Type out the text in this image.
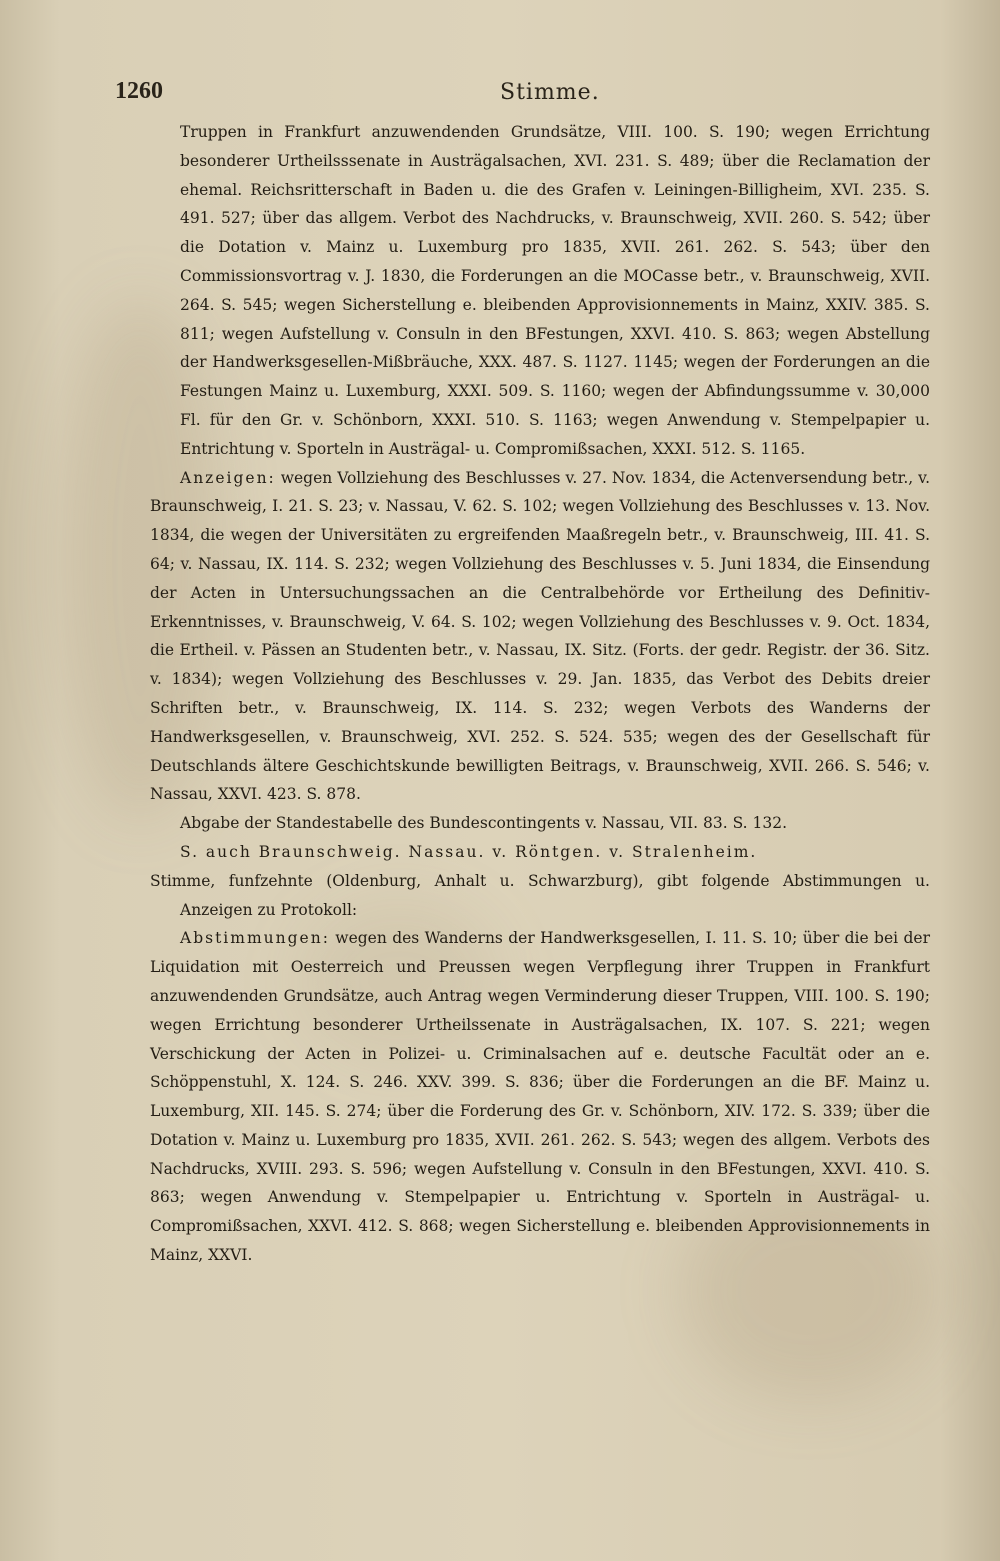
1260	Stimme.

Truppen in Frankfurt anzuwendenden Grundsätze, VIII. 100. S. 190; wegen Errichtung besonderer Urtheilsssenate in Austrägalsachen, XVI. 231. S. 489; über die Reclamation der ehemal. Reichsritterschaft in Baden u. die des Grafen v. Leiningen-Billigheim, XVI. 235. S. 491. 527; über das allgem. Verbot des Nachdrucks, v. Braunschweig, XVII. 260. S. 542; über die Dotation v. Mainz u. Luxemburg pro 1835, XVII. 261. 262. S. 543; über den Commissionsvortrag v. J. 1830, die Forderungen an die MOCasse betr., v. Braunschweig, XVII. 264. S. 545; wegen Sicherstellung e. bleibenden Approvisionnements in Mainz, XXIV. 385. S. 811; wegen Aufstellung v. Consuln in den BFestungen, XXVI. 410. S. 863; wegen Abstellung der Handwerksgesellen-Mißbräuche, XXX. 487. S. 1127. 1145; wegen der Forderungen an die Festungen Mainz u. Luxemburg, XXXI. 509. S. 1160; wegen der Abfindungssumme v. 30,000 Fl. für den Gr. v. Schönborn, XXXI. 510. S. 1163; wegen Anwendung v. Stempelpapier u. Entrichtung v. Sporteln in Austrägal- u. Compromißsachen, XXXI. 512. S. 1165.

Anzeigen: wegen Vollziehung des Beschlusses v. 27. Nov. 1834, die Actenversendung betr., v. Braunschweig, I. 21. S. 23; v. Nassau, V. 62. S. 102; wegen Vollziehung des Beschlusses v. 13. Nov. 1834, die wegen der Universitäten zu ergreifenden Maaßregeln betr., v. Braunschweig, III. 41. S. 64; v. Nassau, IX. 114. S. 232; wegen Vollziehung des Beschlusses v. 5. Juni 1834, die Einsendung der Acten in Untersuchungssachen an die Centralbehörde vor Ertheilung des Definitiv-Erkenntnisses, v. Braunschweig, V. 64. S. 102; wegen Vollziehung des Beschlusses v. 9. Oct. 1834, die Ertheil. v. Pässen an Studenten betr., v. Nassau, IX. Sitz. (Forts. der gedr. Registr. der 36. Sitz. v. 1834); wegen Vollziehung des Beschlusses v. 29. Jan. 1835, das Verbot des Debits dreier Schriften betr., v. Braunschweig, IX. 114. S. 232; wegen Verbots des Wanderns der Handwerksgesellen, v. Braunschweig, XVI. 252. S. 524. 535; wegen des der Gesellschaft für Deutschlands ältere Geschichtskunde bewilligten Beitrags, v. Braunschweig, XVII. 266. S. 546; v. Nassau, XXVI. 423. S. 878.

Abgabe der Standestabelle des Bundescontingents v. Nassau, VII. 83. S. 132.

S. auch Braunschweig. Nassau. v. Röntgen. v. Stralenheim.

Stimme, funfzehnte (Oldenburg, Anhalt u. Schwarzburg), gibt folgende Abstimmungen u. Anzeigen zu Protokoll:

Abstimmungen: wegen des Wanderns der Handwerksgesellen, I. 11. S. 10; über die bei der Liquidation mit Oesterreich und Preussen wegen Verpflegung ihrer Truppen in Frankfurt anzuwendenden Grundsätze, auch Antrag wegen Verminderung dieser Truppen, VIII. 100. S. 190; wegen Errichtung besonderer Urtheilssenate in Austrägalsachen, IX. 107. S. 221; wegen Verschickung der Acten in Polizei- u. Criminalsachen auf e. deutsche Facultät oder an e. Schöppenstuhl, X. 124. S. 246. XXV. 399. S. 836; über die Forderungen an die BF. Mainz u. Luxemburg, XII. 145. S. 274; über die Forderung des Gr. v. Schönborn, XIV. 172. S. 339; über die Dotation v. Mainz u. Luxemburg pro 1835, XVII. 261. 262. S. 543; wegen des allgem. Verbots des Nachdrucks, XVIII. 293. S. 596; wegen Aufstellung v. Consuln in den BFestungen, XXVI. 410. S. 863; wegen Anwendung v. Stempelpapier u. Entrichtung v. Sporteln in Austrägal- u. Compromißsachen, XXVI. 412. S. 868; wegen Sicherstellung e. bleibenden Approvisionnements in Mainz, XXVI.
